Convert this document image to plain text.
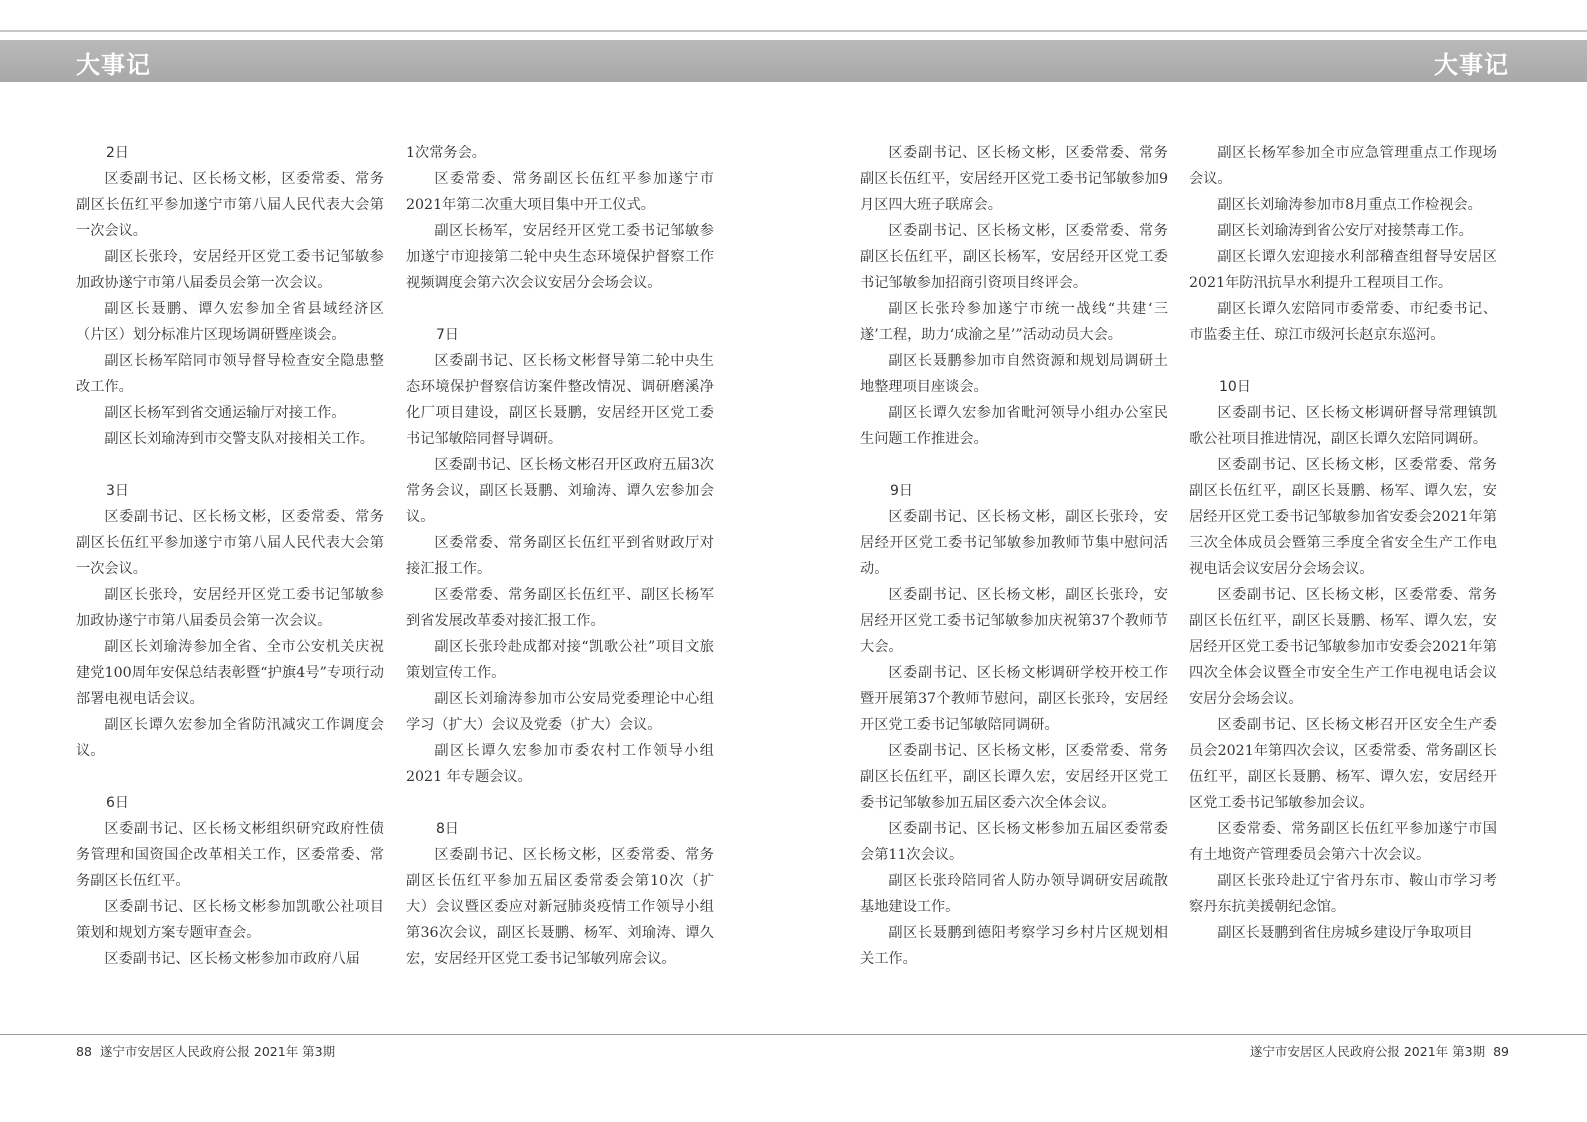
大事记	大事记
2日
区委副书记、区长杨文彬，区委常委、常务副区长伍红平参加遂宁市第八届人民代表大会第一次会议。
副区长张玲，安居经开区党工委书记邹敏参加政协遂宁市第八届委员会第一次会议。
副区长聂鹏、谭久宏参加全省县域经济区（片区）划分标准片区现场调研暨座谈会。
副区长杨军陪同市领导督导检查安全隐患整改工作。
副区长杨军到省交通运输厅对接工作。
副区长刘瑜涛到市交警支队对接相关工作。
3日
区委副书记、区长杨文彬，区委常委、常务副区长伍红平参加遂宁市第八届人民代表大会第一次会议。
副区长张玲，安居经开区党工委书记邹敏参加政协遂宁市第八届委员会第一次会议。
副区长刘瑜涛参加全省、全市公安机关庆祝建党100周年安保总结表彰暨“护旗4号”专项行动部署电视电话会议。
副区长谭久宏参加全省防汛减灾工作调度会议。
6日
区委副书记、区长杨文彬组织研究政府性债务管理和国资国企改革相关工作，区委常委、常务副区长伍红平。
区委副书记、区长杨文彬参加凯歌公社项目策划和规划方案专题审查会。
区委副书记、区长杨文彬参加市政府八届
1次常务会。
区委常委、常务副区长伍红平参加遂宁市2021年第二次重大项目集中开工仪式。
副区长杨军，安居经开区党工委书记邹敏参加遂宁市迎接第二轮中央生态环境保护督察工作视频调度会第六次会议安居分会场会议。
7日
区委副书记、区长杨文彬督导第二轮中央生态环境保护督察信访案件整改情况、调研磨溪净化厂项目建设，副区长聂鹏，安居经开区党工委书记邹敏陪同督导调研。
区委副书记、区长杨文彬召开区政府五届3次常务会议，副区长聂鹏、刘瑜涛、谭久宏参加会议。
区委常委、常务副区长伍红平到省财政厅对接汇报工作。
区委常委、常务副区长伍红平、副区长杨军到省发展改革委对接汇报工作。
副区长张玲赴成都对接“凯歌公社”项目文旅策划宣传工作。
副区长刘瑜涛参加市公安局党委理论中心组学习（扩大）会议及党委（扩大）会议。
副区长谭久宏参加市委农村工作领导小组2021 年专题会议。
8日
区委副书记、区长杨文彬，区委常委、常务副区长伍红平参加五届区委常委会第10次（扩大）会议暨区委应对新冠肺炎疫情工作领导小组第36次会议，副区长聂鹏、杨军、刘瑜涛、谭久宏，安居经开区党工委书记邹敏列席会议。
区委副书记、区长杨文彬，区委常委、常务副区长伍红平，安居经开区党工委书记邹敏参加9月区四大班子联席会。
区委副书记、区长杨文彬，区委常委、常务副区长伍红平，副区长杨军，安居经开区党工委书记邹敏参加招商引资项目终评会。
副区长张玲参加遂宁市统一战线“共建‘三遂’工程，助力‘成渝之星’”活动动员大会。
副区长聂鹏参加市自然资源和规划局调研土地整理项目座谈会。
副区长谭久宏参加省毗河领导小组办公室民生问题工作推进会。
9日
区委副书记、区长杨文彬，副区长张玲，安居经开区党工委书记邹敏参加教师节集中慰问活动。
区委副书记、区长杨文彬，副区长张玲，安居经开区党工委书记邹敏参加庆祝第37个教师节大会。
区委副书记、区长杨文彬调研学校开校工作暨开展第37个教师节慰问，副区长张玲，安居经开区党工委书记邹敏陪同调研。
区委副书记、区长杨文彬，区委常委、常务副区长伍红平，副区长谭久宏，安居经开区党工委书记邹敏参加五届区委六次全体会议。
区委副书记、区长杨文彬参加五届区委常委会第11次会议。
副区长张玲陪同省人防办领导调研安居疏散基地建设工作。
副区长聂鹏到德阳考察学习乡村片区规划相关工作。
副区长杨军参加全市应急管理重点工作现场会议。
副区长刘瑜涛参加市8月重点工作检视会。
副区长刘瑜涛到省公安厅对接禁毒工作。
副区长谭久宏迎接水利部稽查组督导安居区2021年防汛抗旱水利提升工程项目工作。
副区长谭久宏陪同市委常委、市纪委书记、市监委主任、琼江市级河长赵京东巡河。
10日
区委副书记、区长杨文彬调研督导常理镇凯歌公社项目推进情况，副区长谭久宏陪同调研。
区委副书记、区长杨文彬，区委常委、常务副区长伍红平，副区长聂鹏、杨军、谭久宏，安居经开区党工委书记邹敏参加省安委会2021年第三次全体成员会暨第三季度全省安全生产工作电视电话会议安居分会场会议。
区委副书记、区长杨文彬，区委常委、常务副区长伍红平，副区长聂鹏、杨军、谭久宏，安居经开区党工委书记邹敏参加市安委会2021年第四次全体会议暨全市安全生产工作电视电话会议安居分会场会议。
区委副书记、区长杨文彬召开区安全生产委员会2021年第四次会议，区委常委、常务副区长伍红平，副区长聂鹏、杨军、谭久宏，安居经开区党工委书记邹敏参加会议。
区委常委、常务副区长伍红平参加遂宁市国有土地资产管理委员会第六十次会议。
副区长张玲赴辽宁省丹东市、鞍山市学习考察丹东抗美援朝纪念馆。
副区长聂鹏到省住房城乡建设厅争取项目
88 遂宁市安居区人民政府公报 2021年 第3期	遂宁市安居区人民政府公报 2021年 第3期 89
